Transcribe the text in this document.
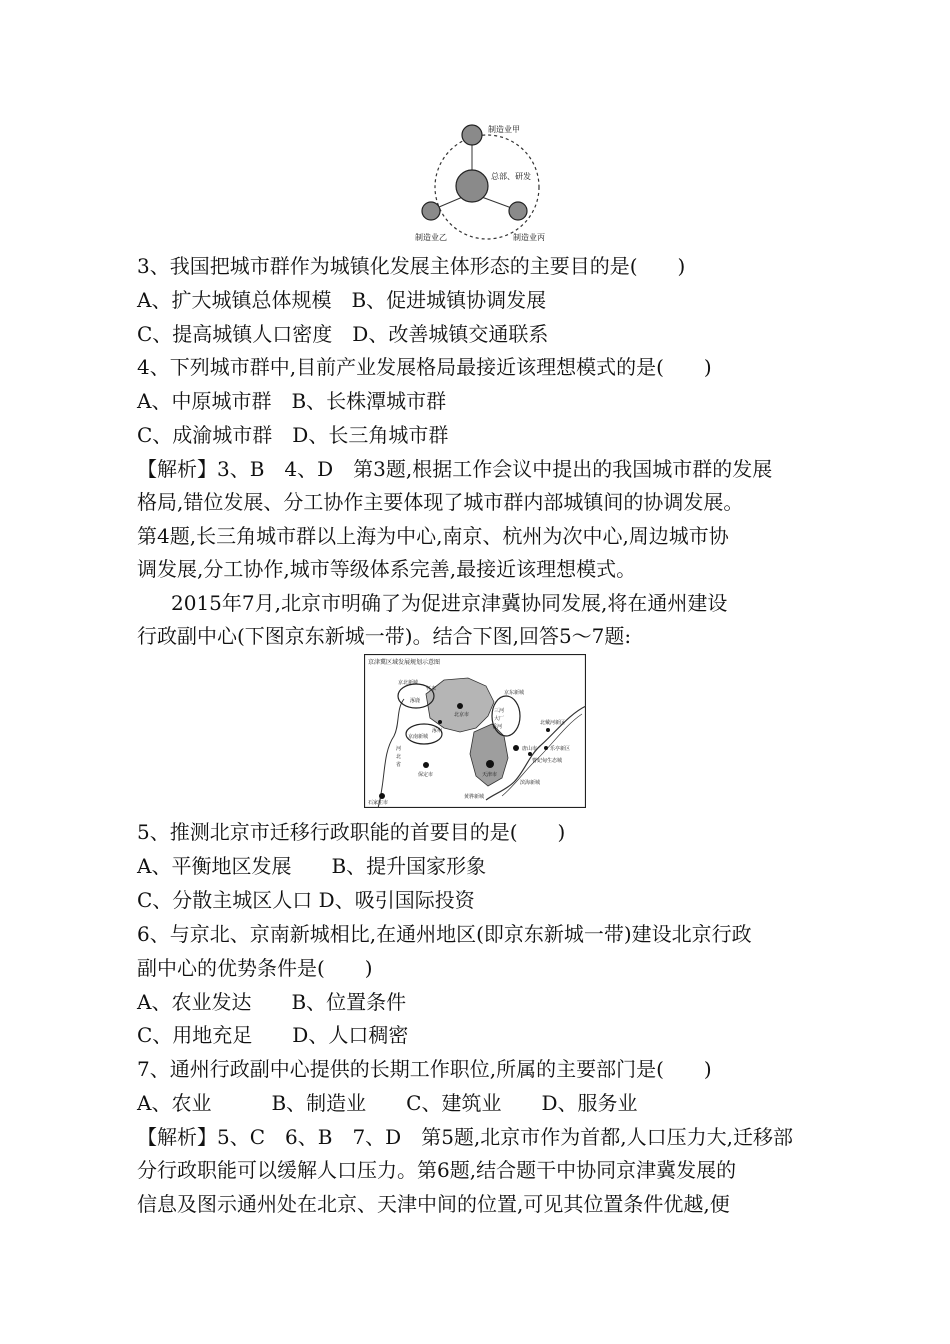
制造业甲
总部、研发
制造业乙	制造业丙
3、我国把城市群作为城镇化发展主体形态的主要目的是(　　)
A、扩大城镇总体规模　B、促进城镇协调发展
C、提高城镇人口密度　D、改善城镇交通联系
4、下列城市群中,目前产业发展格局最接近该理想模式的是(　　)
A、中原城市群　B、长株潭城市群
C、成渝城市群　D、长三角城市群
【解析】3、B　4、D　第3题,根据工作会议中提出的我国城市群的发展
格局,错位发展、分工协作主要体现了城市群内部城镇间的协调发展。
第4题,长三角城市群以上海为中心,南京、杭州为次中心,周边城市协
调发展,分工协作,城市等级体系完善,最接近该理想模式。
2015年7月,北京市明确了为促进京津冀协同发展,将在通州建设
行政副中心(下图京东新城一带)。结合下图,回答5～7题:
京津冀区域发展规划示意图
京北新城
怀来
涿鹿
北京市
京东新城
三河
大厂
香河
京南新城
涿州
唐山市
北戴河新区
乐亭新区
曹妃甸生态城
河
北
省
保定市	天津市
石家庄市
黄骅新城
滨海新城
5、推测北京市迁移行政职能的首要目的是(　　)
A、平衡地区发展　　B、提升国家形象
C、分散主城区人口 D、吸引国际投资
6、与京北、京南新城相比,在通州地区(即京东新城一带)建设北京行政
副中心的优势条件是(　　)
A、农业发达　　B、位置条件
C、用地充足　　D、人口稠密
7、通州行政副中心提供的长期工作职位,所属的主要部门是(　　)
A、农业　　　B、制造业　　C、建筑业　　D、服务业
【解析】5、C　6、B　7、D　第5题,北京市作为首都,人口压力大,迁移部
分行政职能可以缓解人口压力。第6题,结合题干中协同京津冀发展的
信息及图示通州处在北京、天津中间的位置,可见其位置条件优越,便
